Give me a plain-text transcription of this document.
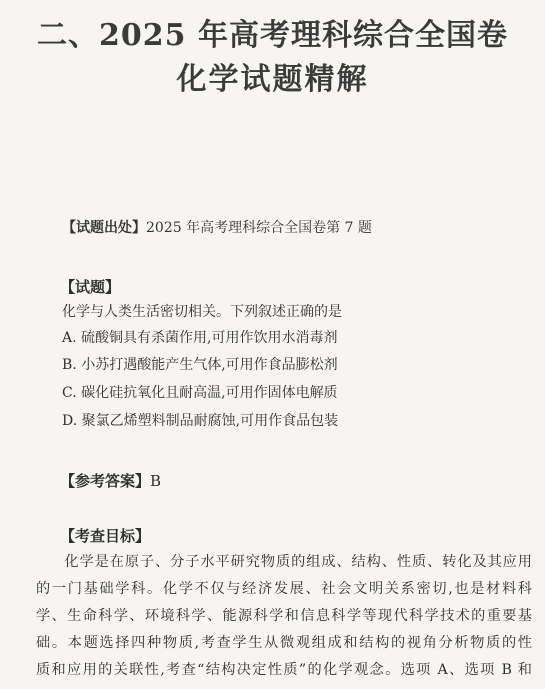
二、2025 年高考理科综合全国卷
化学试题精解
【试题出处】2025 年高考理科综合全国卷第 7 题
【试题】
化学与人类生活密切相关。下列叙述正确的是
A. 硫酸铜具有杀菌作用,可用作饮用水消毒剂
B. 小苏打遇酸能产生气体,可用作食品膨松剂
C. 碳化硅抗氧化且耐高温,可用作固体电解质
D. 聚氯乙烯塑料制品耐腐蚀,可用作食品包装
【参考答案】B
【考查目标】

化学是在原子、分子水平研究物质的组成、结构、性质、转化及其应用

的一门基础学科。化学不仅与经济发展、社会文明关系密切,也是材料科
学、生命科学、环境科学、能源科学和信息科学等现代科学技术的重要基
础。本题选择四种物质,考查学生从微观组成和结构的视角分析物质的性
质和应用的关联性,考查“结构决定性质”的化学观念。选项 A、选项 B 和
